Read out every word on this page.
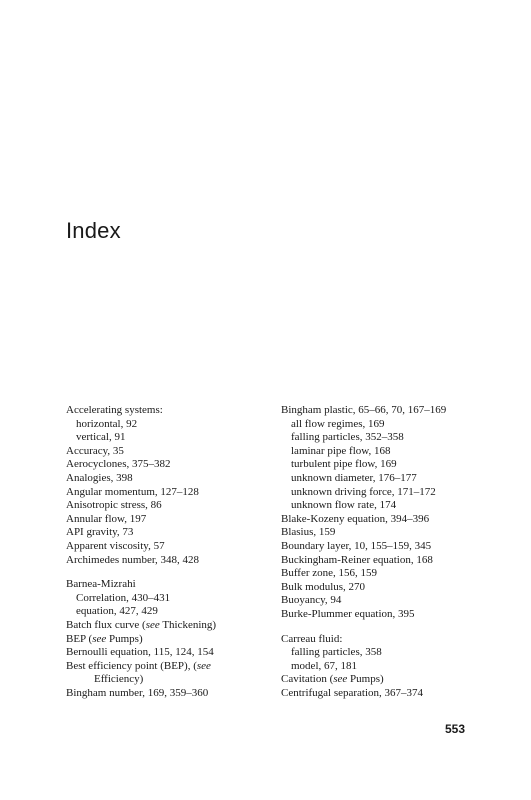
Index
Accelerating systems:
horizontal, 92
vertical, 91
Accuracy, 35
Aerocyclones, 375–382
Analogies, 398
Angular momentum, 127–128
Anisotropic stress, 86
Annular flow, 197
API gravity, 73
Apparent viscosity, 57
Archimedes number, 348, 428
Barnea-Mizrahi
Correlation, 430–431
equation, 427, 429
Batch flux curve (see Thickening)
BEP (see Pumps)
Bernoulli equation, 115, 124, 154
Best efficiency point (BEP), (see
Efficiency)
Bingham number, 169, 359–360
Bingham plastic, 65–66, 70, 167–169
all flow regimes, 169
falling particles, 352–358
laminar pipe flow, 168
turbulent pipe flow, 169
unknown diameter, 176–177
unknown driving force, 171–172
unknown flow rate, 174
Blake-Kozeny equation, 394–396
Blasius, 159
Boundary layer, 10, 155–159, 345
Buckingham-Reiner equation, 168
Buffer zone, 156, 159
Bulk modulus, 270
Buoyancy, 94
Burke-Plummer equation, 395
Carreau fluid:
falling particles, 358
model, 67, 181
Cavitation (see Pumps)
Centrifugal separation, 367–374
553
